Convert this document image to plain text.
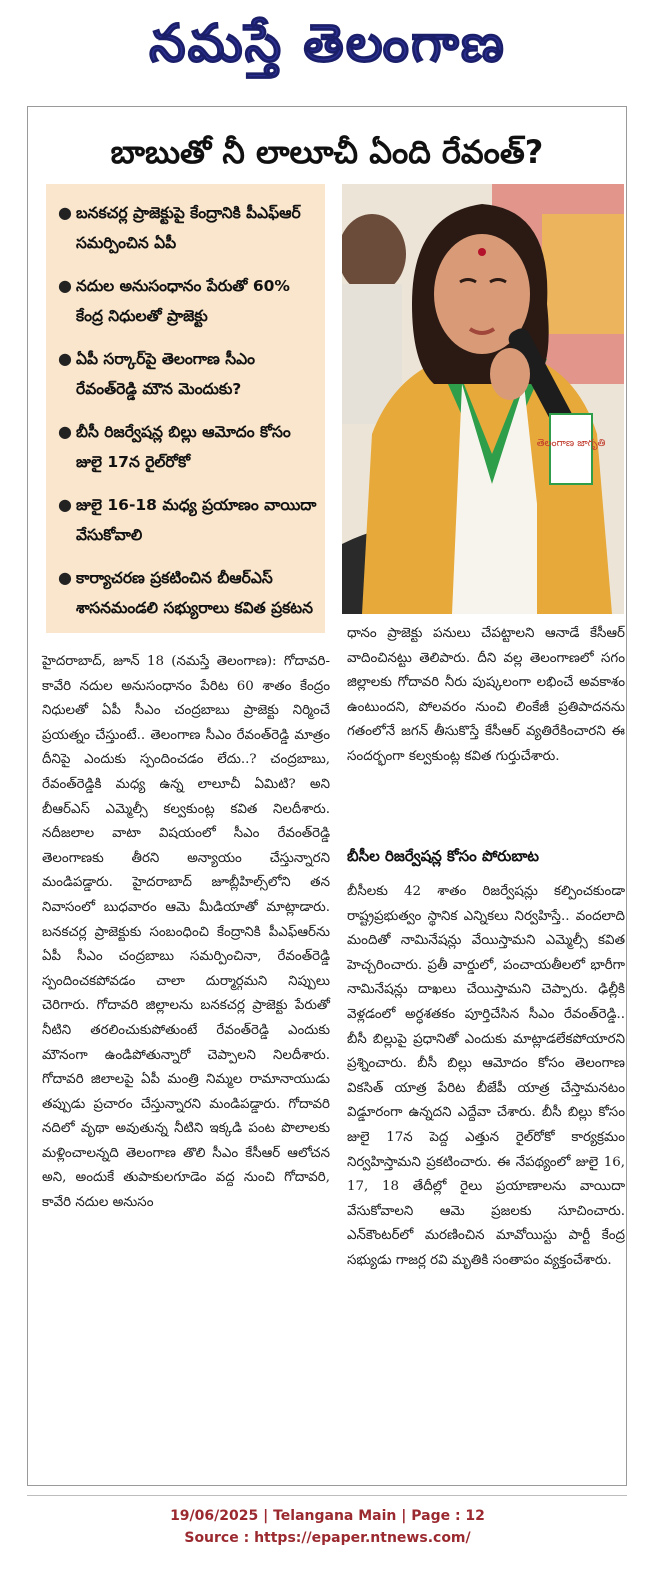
నమస్తే తెలంగాణ
బాబుతో నీ లాలూచీ ఏంది రేవంత్?
● బనకచర్ల ప్రాజెక్టుపై కేంద్రానికి పీఎఫ్ఆర్ సమర్పించిన ఏపీ
● నదుల అనుసంధానం పేరుతో 60% కేంద్ర నిధులతో ప్రాజెక్టు
● ఏపీ సర్కార్‌పై తెలంగాణ సీఎం రేవంత్‌రెడ్డి మౌన మెందుకు?
● బీసీ రిజర్వేషన్ల బిల్లు ఆమోదం కోసం జులై 17న రైల్‌రోకో
● జులై 16-18 మధ్య ప్రయాణం వాయిదా వేసుకోవాలి
● కార్యాచరణ ప్రకటించిన బీఆర్ఎస్ శాసనమండలి సభ్యురాలు కవిత ప్రకటన
తెలంగాణ జాగృతి
హైదరాబాద్, జూన్ 18 (నమస్తే తెలంగాణ): గోదావరి-కావేరి నదుల అనుసంధానం పేరిట 60 శాతం కేంద్రం నిధులతో ఏపీ సీఎం చంద్రబాబు ప్రాజెక్టు నిర్మించే ప్రయత్నం చేస్తుంటే.. తెలంగాణ సీఎం రేవంత్‌రెడ్డి మాత్రం దీనిపై ఎందుకు స్పందించడం లేదు..? చంద్రబాబు, రేవంత్‌రెడ్డికి మధ్య ఉన్న లాలూచీ ఏమిటి? అని బీఆర్ఎస్ ఎమ్మెల్సీ కల్వకుంట్ల కవిత నిలదీశారు. నదీజలాల వాటా విషయంలో సీఎం రేవంత్‌రెడ్డి తెలంగాణకు తీరని అన్యాయం చేస్తున్నారని మండిపడ్డారు. హైదరాబాద్ జూబ్లీహిల్స్‌లోని తన నివాసంలో బుధవారం ఆమె మీడియాతో మాట్లాడారు. బనకచర్ల ప్రాజెక్టుకు సంబంధించి కేంద్రానికి పీఎఫ్ఆర్‌ను ఏపీ సీఎం చంద్రబాబు సమర్పించినా, రేవంత్‌రెడ్డి స్పందించకపోవడం చాలా దుర్మార్గమని నిప్పులు చెరిగారు. గోదావరి జిల్లాలను బనకచర్ల ప్రాజెక్టు పేరుతో నీటిని తరలించుకుపోతుంటే రేవంత్‌రెడ్డి ఎందుకు మౌనంగా ఉండిపోతున్నారో చెప్పాలని నిలదీశారు. గోదావరి జిలాలపై ఏపీ మంత్రి నిమ్మల రామానాయుడు తప్పుడు ప్రచారం చేస్తున్నారని మండిపడ్డారు. గోదావరి నదిలో వృథా అవుతున్న నీటిని ఇక్కడి పంట పొలాలకు మళ్లించాలన్నది తెలంగాణ తొలి సీఎం కేసీఆర్ ఆలోచన అని, అందుకే తుపాకులగూడెం వద్ద నుంచి గోదావరి, కావేరి నదుల అనుసం
ధానం ప్రాజెక్టు పనులు చేపట్టాలని ఆనాడే కేసీఆర్ వాదించినట్టు తెలిపారు. దీని వల్ల తెలంగాణలో సగం జిల్లాలకు గోదావరి నీరు పుష్కలంగా లభించే అవకాశం ఉంటుందని, పోలవరం నుంచి లింకేజీ ప్రతిపాదనను గతంలోనే జగన్ తీసుకొస్తే కేసీఆర్ వ్యతిరేకించారని ఈ సందర్భంగా కల్వకుంట్ల కవిత గుర్తుచేశారు.
బీసీల రిజర్వేషన్ల కోసం పోరుబాట
బీసీలకు 42 శాతం రిజర్వేషన్లు కల్పించకుండా రాష్ట్రప్రభుత్వం స్థానిక ఎన్నికలు నిర్వహిస్తే.. వందలాది మందితో నామినేషన్లు వేయిస్తామని ఎమ్మెల్సీ కవిత హెచ్చరించారు. ప్రతీ వార్డులో, పంచాయతీలలో భారీగా నామినేషన్లు దాఖలు చేయిస్తామని చెప్పారు. ఢిల్లీకి వెళ్లడంలో అర్ధశతకం పూర్తిచేసిన సీఎం రేవంత్‌రెడ్డి.. బీసీ బిల్లుపై ప్రధానితో ఎందుకు మాట్లాడలేకపోయారని ప్రశ్నించారు. బీసీ బిల్లు ఆమోదం కోసం తెలంగాణ వికసిత్ యాత్ర పేరిట బీజేపీ యాత్ర చేస్తామనటం విడ్డూరంగా ఉన్నదని ఎద్దేవా చేశారు. బీసీ బిల్లు కోసం జులై 17న పెద్ద ఎత్తున రైల్‌రోకో కార్యక్రమం నిర్వహిస్తామని ప్రకటించారు. ఈ నేపథ్యంలో జులై 16, 17, 18 తేదీల్లో రైలు ప్రయాణాలను వాయిదా వేసుకోవాలని ఆమె ప్రజలకు సూచించారు. ఎన్‌కౌంటర్‌లో మరణించిన మావోయిస్టు పార్టీ కేంద్ర సభ్యుడు గాజర్ల రవి మృతికి సంతాపం వ్యక్తంచేశారు.
19/06/2025 | Telangana Main | Page : 12
Source : https://epaper.ntnews.com/
